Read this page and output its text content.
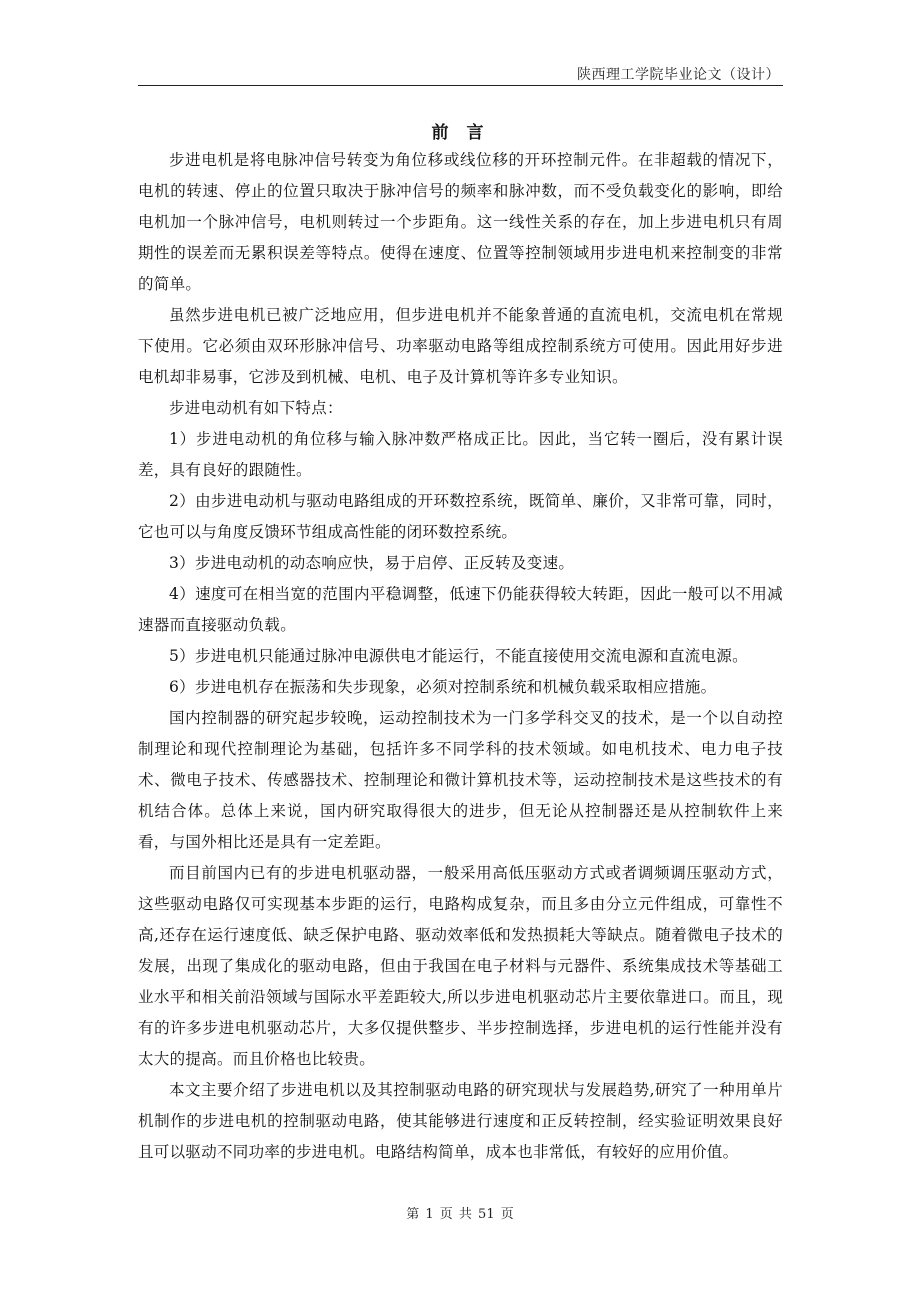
陕西理工学院毕业论文（设计）
前 言

步进电机是将电脉冲信号转变为角位移或线位移的开环控制元件。在非超载的情况下，电机的转速、停止的位置只取决于脉冲信号的频率和脉冲数，而不受负载变化的影响，即给电机加一个脉冲信号，电机则转过一个步距角。这一线性关系的存在，加上步进电机只有周期性的误差而无累积误差等特点。使得在速度、位置等控制领域用步进电机来控制变的非常的简单。

虽然步进电机已被广泛地应用，但步进电机并不能象普通的直流电机，交流电机在常规下使用。它必须由双环形脉冲信号、功率驱动电路等组成控制系统方可使用。因此用好步进电机却非易事，它涉及到机械、电机、电子及计算机等许多专业知识。

步进电动机有如下特点：

1）步进电动机的角位移与输入脉冲数严格成正比。因此，当它转一圈后，没有累计误差，具有良好的跟随性。

2）由步进电动机与驱动电路组成的开环数控系统，既简单、廉价，又非常可靠，同时，它也可以与角度反馈环节组成高性能的闭环数控系统。

3）步进电动机的动态响应快，易于启停、正反转及变速。

4）速度可在相当宽的范围内平稳调整，低速下仍能获得较大转距，因此一般可以不用减速器而直接驱动负载。

5）步进电机只能通过脉冲电源供电才能运行，不能直接使用交流电源和直流电源。

6）步进电机存在振荡和失步现象，必须对控制系统和机械负载采取相应措施。

国内控制器的研究起步较晚，运动控制技术为一门多学科交叉的技术，是一个以自动控制理论和现代控制理论为基础，包括许多不同学科的技术领域。如电机技术、电力电子技术、微电子技术、传感器技术、控制理论和微计算机技术等，运动控制技术是这些技术的有机结合体。总体上来说，国内研究取得很大的进步，但无论从控制器还是从控制软件上来看，与国外相比还是具有一定差距。

而目前国内已有的步进电机驱动器，一般采用高低压驱动方式或者调频调压驱动方式，这些驱动电路仅可实现基本步距的运行，电路构成复杂，而且多由分立元件组成，可靠性不高,还存在运行速度低、缺乏保护电路、驱动效率低和发热损耗大等缺点。随着微电子技术的发展，出现了集成化的驱动电路，但由于我国在电子材料与元器件、系统集成技术等基础工业水平和相关前沿领域与国际水平差距较大,所以步进电机驱动芯片主要依靠进口。而且，现有的许多步进电机驱动芯片，大多仅提供整步、半步控制选择，步进电机的运行性能并没有太大的提高。而且价格也比较贵。

本文主要介绍了步进电机以及其控制驱动电路的研究现状与发展趋势,研究了一种用单片机制作的步进电机的控制驱动电路，使其能够进行速度和正反转控制，经实验证明效果良好且可以驱动不同功率的步进电机。电路结构简单，成本也非常低，有较好的应用价值。

第 1 页 共 51 页
